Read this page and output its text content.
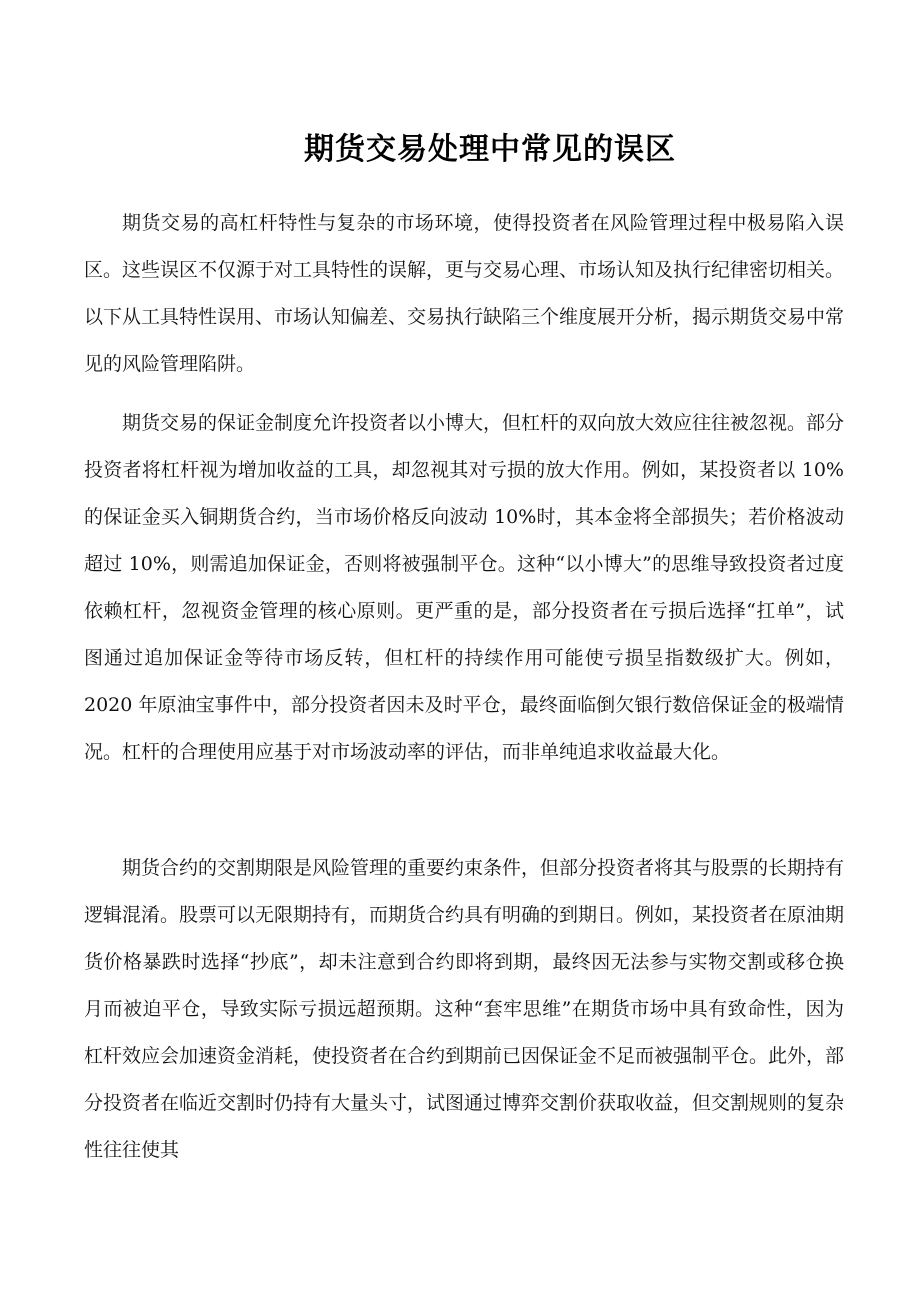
期货交易处理中常见的误区

期货交易的高杠杆特性与复杂的市场环境，使得投资者在风险管理过程中极易陷入误区。这些误区不仅源于对工具特性的误解，更与交易心理、市场认知及执行纪律密切相关。以下从工具特性误用、市场认知偏差、交易执行缺陷三个维度展开分析，揭示期货交易中常见的风险管理陷阱。

期货交易的保证金制度允许投资者以小博大，但杠杆的双向放大效应往往被忽视。部分投资者将杠杆视为增加收益的工具，却忽视其对亏损的放大作用。例如，某投资者以 10%的保证金买入铜期货合约，当市场价格反向波动 10%时，其本金将全部损失；若价格波动超过 10%，则需追加保证金，否则将被强制平仓。这种“以小博大”的思维导致投资者过度依赖杠杆，忽视资金管理的核心原则。更严重的是，部分投资者在亏损后选择“扛单”，试图通过追加保证金等待市场反转，但杠杆的持续作用可能使亏损呈指数级扩大。例如，2020 年原油宝事件中，部分投资者因未及时平仓，最终面临倒欠银行数倍保证金的极端情况。杠杆的合理使用应基于对市场波动率的评估，而非单纯追求收益最大化。

期货合约的交割期限是风险管理的重要约束条件，但部分投资者将其与股票的长期持有逻辑混淆。股票可以无限期持有，而期货合约具有明确的到期日。例如，某投资者在原油期货价格暴跌时选择“抄底”，却未注意到合约即将到期，最终因无法参与实物交割或移仓换月而被迫平仓，导致实际亏损远超预期。这种“套牢思维”在期货市场中具有致命性，因为杠杆效应会加速资金消耗，使投资者在合约到期前已因保证金不足而被强制平仓。此外，部分投资者在临近交割时仍持有大量头寸，试图通过博弈交割价获取收益，但交割规则的复杂性往往使其
